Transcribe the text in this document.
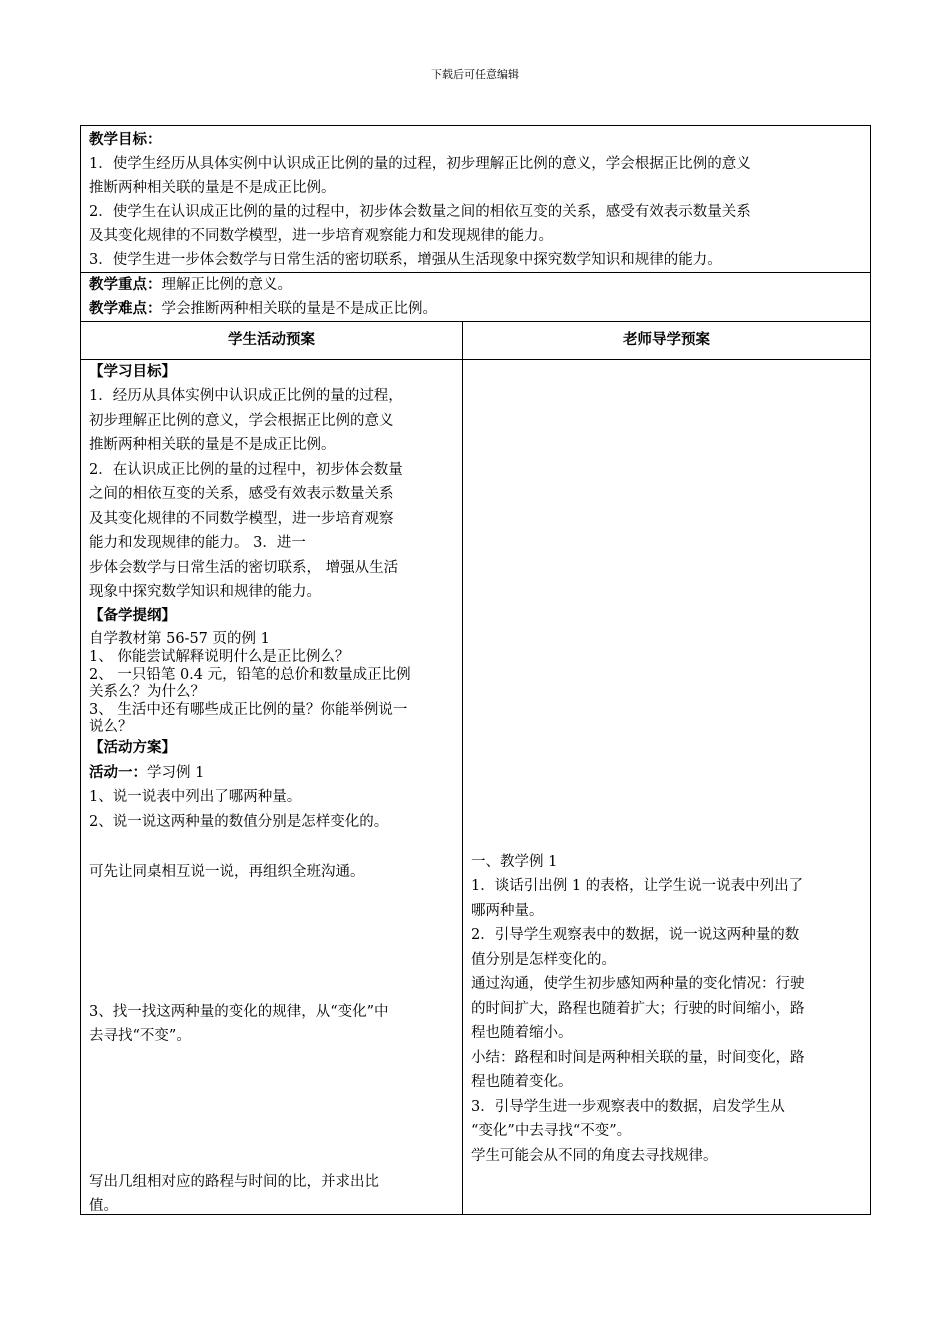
下载后可任意编辑

教学目标：

1．使学生经历从具体实例中认识成正比例的量的过程，初步理解正比例的意义，学会根据正比例的意义

推断两种相关联的量是不是成正比例。

2．使学生在认识成正比例的量的过程中，初步体会数量之间的相依互变的关系，感受有效表示数量关系

及其变化规律的不同数学模型，进一步培育观察能力和发现规律的能力。

3．使学生进一步体会数学与日常生活的密切联系，增强从生活现象中探究数学知识和规律的能力。

教学重点：理解正比例的意义。

教学难点：学会推断两种相关联的量是不是成正比例。

学生活动预案	老师导学预案
【学习目标】
1．经历从具体实例中认识成正比例的量的过程，
初步理解正比例的意义，学会根据正比例的意义
推断两种相关联的量是不是成正比例。
2．在认识成正比例的量的过程中，初步体会数量
之间的相依互变的关系，感受有效表示数量关系
及其变化规律的不同数学模型，进一步培育观察
能力和发现规律的能力。 3．进一
步体会数学与日常生活的密切联系， 增强从生活
现象中探究数学知识和规律的能力。
【备学提纲】
自学教材第 56-57 页的例 1
1、 你能尝试解释说明什么是正比例么？
2、 一只铅笔 0.4 元，铅笔的总价和数量成正比例
关系么？为什么？
3、 生活中还有哪些成正比例的量？你能举例说一
说么？
【活动方案】
活动一：学习例 1
1、说一说表中列出了哪两种量。
2、说一说这两种量的数值分别是怎样变化的。
可先让同桌相互说一说，再组织全班沟通。
3、找一找这两种量的变化的规律，从“变化”中
去寻找“不变”。
写出几组相对应的路程与时间的比，并求出比
值。
一、教学例 1
1．谈话引出例 1 的表格，让学生说一说表中列出了
哪两种量。
2．引导学生观察表中的数据，说一说这两种量的数
值分别是怎样变化的。
通过沟通，使学生初步感知两种量的变化情况：行驶
的时间扩大，路程也随着扩大；行驶的时间缩小，路
程也随着缩小。
小结：路程和时间是两种相关联的量，时间变化，路
程也随着变化。
3．引导学生进一步观察表中的数据，启发学生从
“变化”中去寻找“不变”。
学生可能会从不同的角度去寻找规律。
